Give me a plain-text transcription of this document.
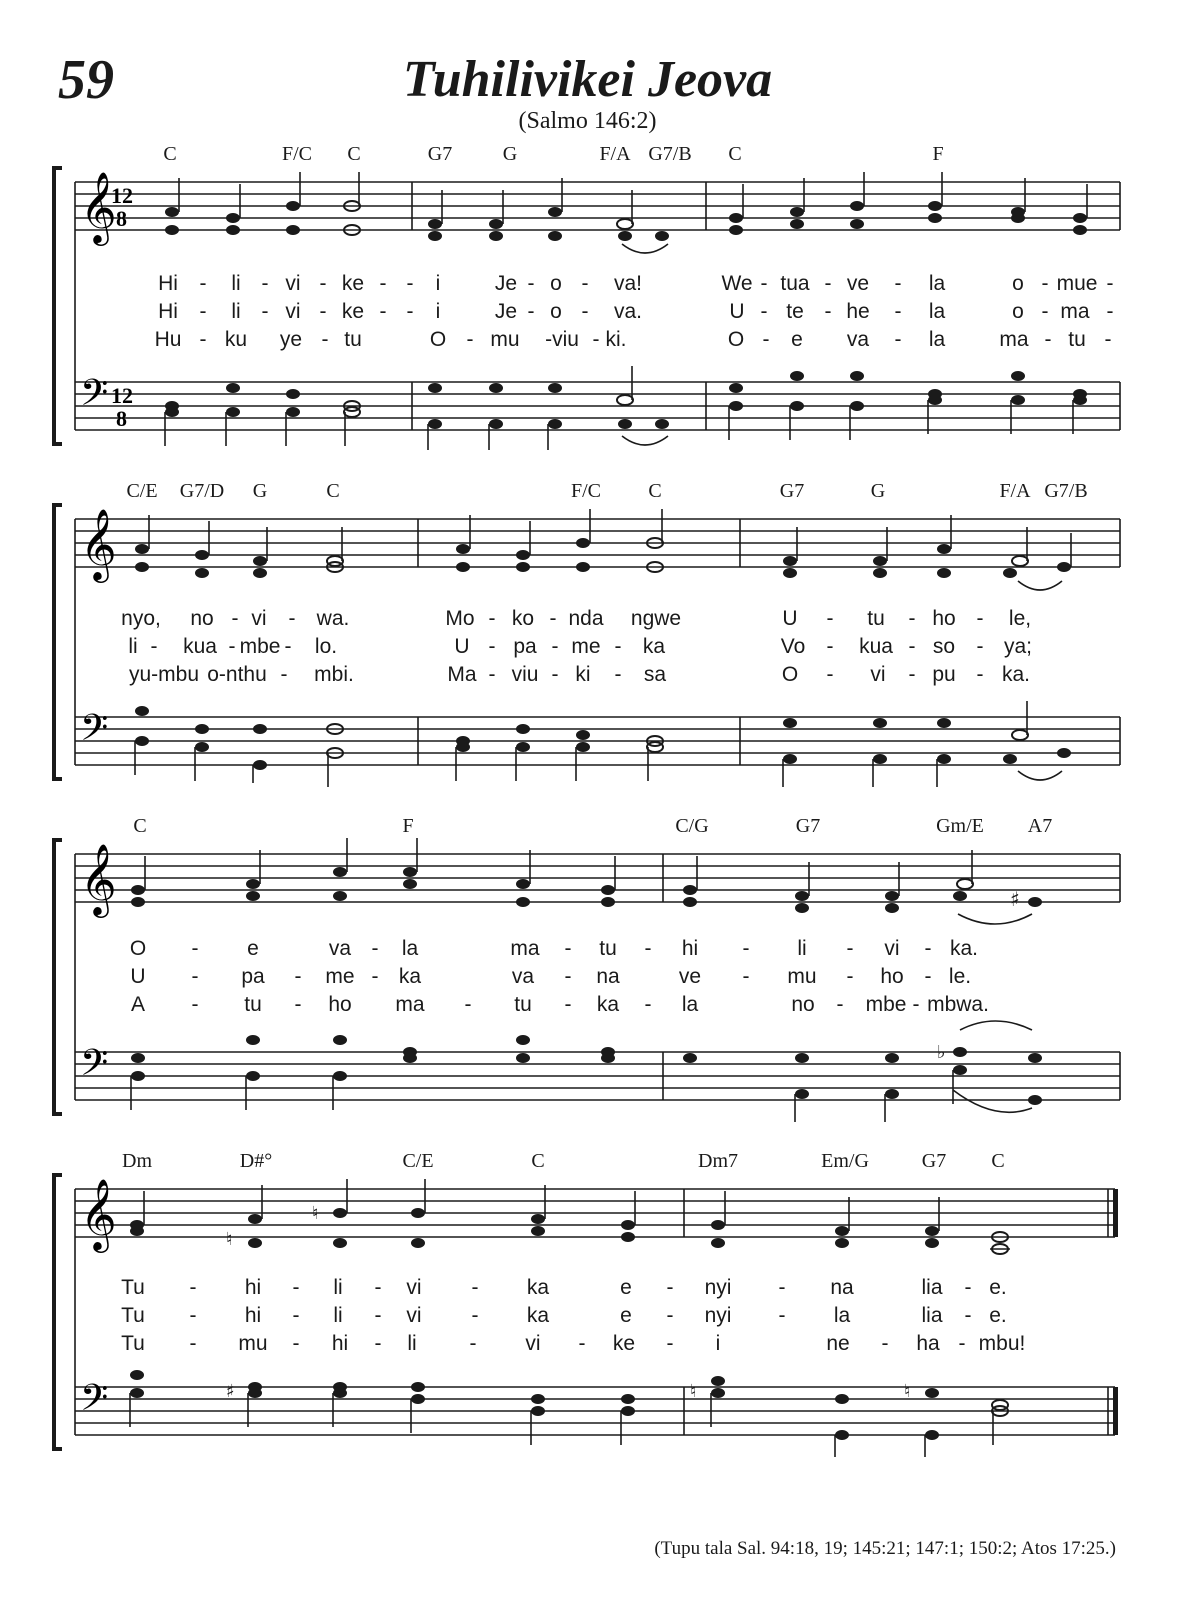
59	Tuhilivikei Jeova
(Salmo 146:2)
C	F/C C	G7	G	F/A G7/B C	F
𝄞
𝄢
12
8
12
8
Hi - li - vi - ke - - i	Je - o - va!	We - tua - ve - la	o - mue -
Hi - li - vi - ke - - i	Je - o - va.	U - te - he - la	o - ma -
Hu - ku ye - tu	O - mu -viu - ki.	O - e va - la	ma - tu -
C/E G7/D G	C	F/C C	G7	G	F/A G7/B
𝄞
𝄢
nyo, no - vi - wa.	Mo - ko - nda ngwe	U - tu - ho - le,
li - kua - mbe - lo.	U - pa - me - ka	Vo - kua - so - ya;
yu-mbu o-nthu - mbi.	Ma - viu - ki - sa	O - vi - pu - ka.
C	F	C/G	G7	Gm/E A7
𝄞
𝄢
♯
♭
O - e	va - la	ma - tu - hi - li - vi - ka.
U - pa - me - ka	va - na	ve - mu - ho - le.
A - tu - ho ma - tu - ka - la	no - mbe - mbwa.
Dm	D#°	C/E	C	Dm7	Em/G	G7 C
𝄞
𝄢
♮
♮
♯	♮	♮
Tu - hi - li - vi - ka	e - nyi - na	lia - e.
Tu - hi - li - vi - ka	e - nyi - la	lia - e.
Tu - mu - hi - li	- vi - ke - i	ne - ha - mbu!
(Tupu tala Sal. 94:18, 19; 145:21; 147:1; 150:2; Atos 17:25.)
